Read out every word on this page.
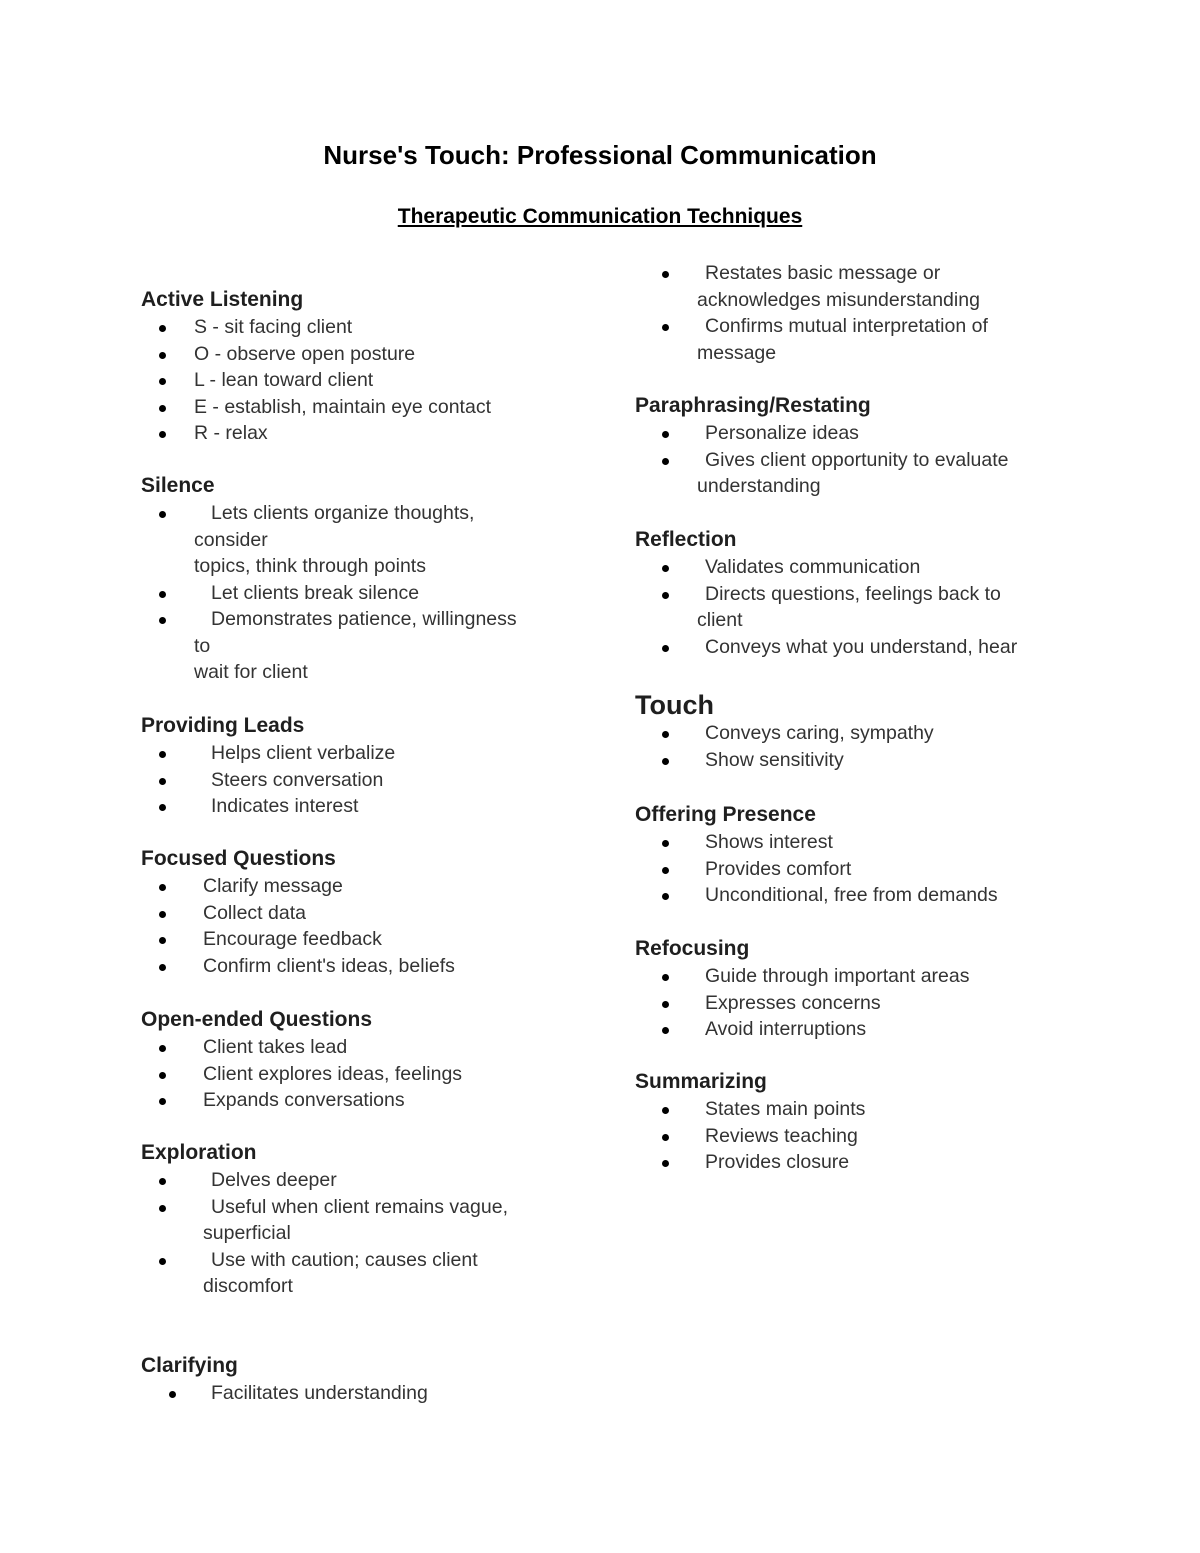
Nurse's Touch: Professional Communication
Therapeutic Communication Techniques
Active Listening
S - sit facing client
O - observe open posture
L - lean toward client
E - establish, maintain eye contact
R - relax
Silence
Lets clients organize thoughts,
consider
topics, think through points
Let clients break silence
Demonstrates patience, willingness
to
wait for client
Providing Leads
Helps client verbalize
Steers conversation
Indicates interest
Focused Questions
Clarify message
Collect data
Encourage feedback
Confirm client's ideas, beliefs
Open-ended Questions
Client takes lead
Client explores ideas, feelings
Expands conversations
Exploration
Delves deeper
Useful when client remains vague,
superficial
Use with caution; causes client
discomfort
Clarifying
Facilitates understanding
Restates basic message or
acknowledges misunderstanding
Confirms mutual interpretation of
message
Paraphrasing/Restating
Personalize ideas
Gives client opportunity to evaluate
understanding
Reflection
Validates communication
Directs questions, feelings back to
client
Conveys what you understand, hear
Touch
Conveys caring, sympathy
Show sensitivity
Offering Presence
Shows interest
Provides comfort
Unconditional, free from demands
Refocusing
Guide through important areas
Expresses concerns
Avoid interruptions
Summarizing
States main points
Reviews teaching
Provides closure
